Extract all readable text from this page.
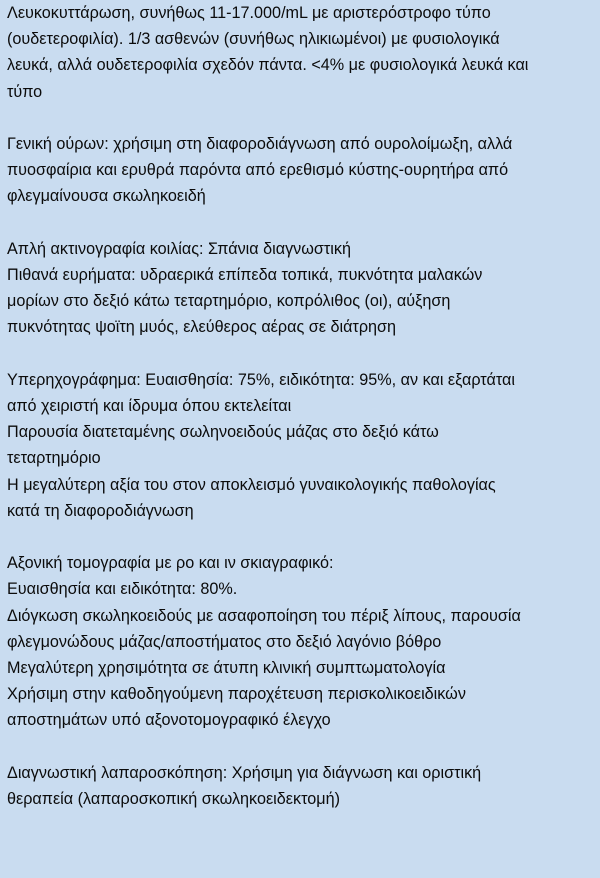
Λευκοκυττάρωση, συνήθως 11-17.000/mL με αριστερόστροφο τύπο
(ουδετεροφιλία). 1/3 ασθενών (συνήθως ηλικιωμένοι) με φυσιολογικά
λευκά, αλλά ουδετεροφιλία σχεδόν πάντα. <4% με φυσιολογικά λευκά και
τύπο
Γενική ούρων: χρήσιμη στη διαφοροδιάγνωση από ουρολοίμωξη, αλλά
πυοσφαίρια και ερυθρά παρόντα από ερεθισμό κύστης-ουρητήρα από
φλεγμαίνουσα σκωληκοειδή
Απλή ακτινογραφία κοιλίας: Σπάνια διαγνωστική
Πιθανά ευρήματα: υδραερικά επίπεδα τοπικά, πυκνότητα μαλακών
μορίων στο δεξιό κάτω τεταρτημόριο, κοπρόλιθος (οι), αύξηση
πυκνότητας ψοϊτη μυός, ελεύθερος αέρας σε διάτρηση
Υπερηχογράφημα: Ευαισθησία: 75%, ειδικότητα: 95%, αν και εξαρτάται
από χειριστή και ίδρυμα όπου εκτελείται
Παρουσία διατεταμένης σωληνοειδούς μάζας στο δεξιό κάτω
τεταρτημόριο
Η μεγαλύτερη αξία του στον αποκλεισμό γυναικολογικής παθολογίας
κατά τη διαφοροδιάγνωση
Αξονική τομογραφία με ρο και ιν σκιαγραφικό:
Ευαισθησία και ειδικότητα: 80%.
Διόγκωση σκωληκοειδούς με ασαφοποίηση του πέριξ λίπους, παρουσία
φλεγμονώδους μάζας/αποστήματος στο δεξιό λαγόνιο βόθρο
Μεγαλύτερη χρησιμότητα σε άτυπη κλινική συμπτωματολογία
Χρήσιμη στην καθοδηγούμενη παροχέτευση περισκολικοειδικών
αποστημάτων υπό αξονοτομογραφικό έλεγχο
Διαγνωστική λαπαροσκόπηση: Χρήσιμη για διάγνωση και οριστική
θεραπεία (λαπαροσκοπική σκωληκοειδεκτομή)
